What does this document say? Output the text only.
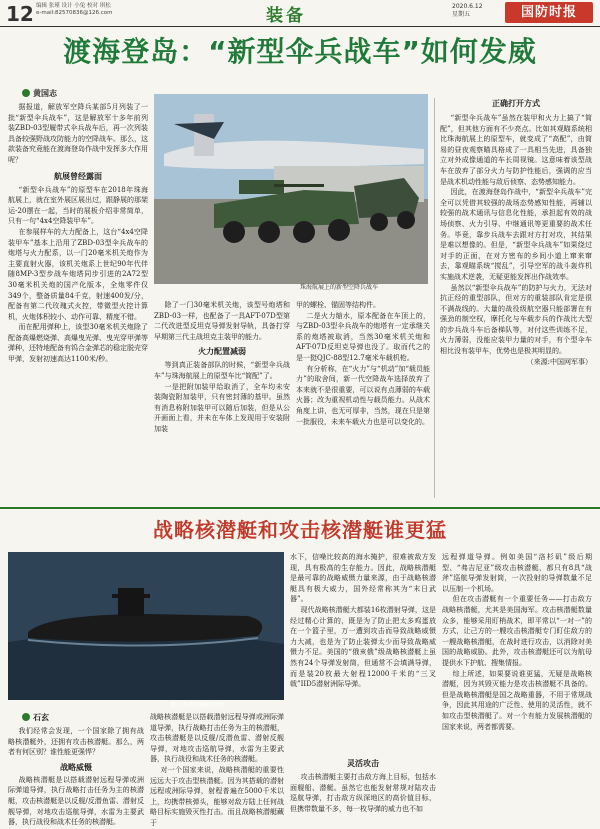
12 编辑 张瑾 设计 小兔 校对 琪松
e-mail:82570836@126.com	装备	2020.6.12
星期五	国防时报
渡海登岛：“新型伞兵战车”如何发威
黄国志

据报道，解放军空降兵某部5月列装了一批“新型伞兵战车”，这是解放军十多年前列装ZBD-03型履带式伞兵战车后，再一次列装具备较强野战攻防能力的空降战车。那么，这款装备究竟能在渡海登岛作战中发挥多大作用呢？

航展曾经露面

“新型伞兵战车”的原型车在2018年珠海航展上，就在室外展区展出过，跟静展的那架运-20摆在一起，当时的展板介绍非常简单，只有一句“4x4空降装甲车”。

在参展样车的大力配备上，这台“4x4空降装甲车”基本上沿用了ZBD-03型伞兵战车的炮塔与火力配系，以一门20毫米机关炮作为主要直射火器，该机关炮系上世纪90年代伴随8MP-3型步战车炮塔同步引进的2A72型30毫米机关炮的国产化版本，全炮零件仅349个，整备质量84千克，射速400发/分，配备有第二代玫瑰式火控，带微型火控计算机，火炮体积较小、动作可靠、精度不错。

而在配用弹种上，该型30毫米机关炮除了配备高爆燃烧弹、高爆曳光弹、曳光穿甲弹等弹种，还特地配备有钨合金弹芯的稳定脱壳穿甲弹，发射初速高达1100米/秒。

珠海航展上的新型空降兵战车

除了一门30毫米机关炮，该型号炮塔和ZBD-03一样，也配备了一具AFT-07D型第二代改进型反坦克导弹发射导轨，具备打穿早期第三代主战坦克主装甲的能力。

火力配置减弱

等到真正装备部队的时候，“新型伞兵战车”与珠海航展上的原型车比“简配”了。

一是把附加装甲给取消了，全车均未安装陶瓷附加装甲，只有密封薄的基甲。虽然有消息称附加装甲可以随后加装，但是从公开画面上看，并未在车体上发现用于安装附加装

甲的螺栓、锚固等结构件。

二是火力缩水，原本配备在车顶上的，与ZBD-03型伞兵战车的炮塔有一定承继关系的炮塔被取消，当然30毫米机关炮和AFT-07D反坦克导弹也没了。取而代之的是一挺QJC-88型12.7毫米车载机枪。

有分析称，在“火力”与“机动”加“载员能力”的取舍间，新一代空降战车选择放弃了本来就不是很重要，可以说有点薄弱的车载火器；改为重视机动性与载员能力。从战术角度上讲，也无可厚非，当然，现在只是第一批服役，未来车载火力也是可以变化的。

正确打开方式

“新型伞兵战车”虽然在装甲和火力上搞了“简配”，但其他方面有不少亮点。比如其观瞄系统相比珠海航展上的原型车，就变成了“高配”，由简易的昼夜观察瞄具格成了一具相当先进，具备独立对外成像通道的车长周视镜。这意味着该型战车在放弃了部分火力与防护性能后，强调的应当是战术机动性能与敌后侦察、态势感知能力。

因此，在渡海登岛作战中，“新型伞兵战车”完全可以凭借其较强的战场态势感知性能，再辅以较强的战术通讯与信息化性能，承担起有效的战场侦察、火力引导、中继通讯等更重要的战术任务。毕竟，靠步兵战车去跟对方打对攻，其结果是难以想像的。但是，“新型伞兵战车”如果绕过对手的正面，在对方密布的乡间小道上窜来窜去，靠观瞄系统“搅乱”，引导空军的战斗轰炸机实施战术逆袭，无疑更能发挥出作战效率。

虽然以“新型伞兵战车”的防护与火力，无法对抗正经的重型部队，但对方的重装部队肯定是很不满战线的。大量的战役级航空器只能部署在有强劲的制空权，摩托化与车载步兵的作战比大型的步兵战斗车后备梯队等，对付这些训练不足，火力薄弱，没能应装甲力量的对手，有个型伞车相比没有装甲车，优势也是极其明显的。

（来源:中国网军事）

战略核潜艇和攻击核潜艇谁更猛
俄罗斯的战略核潜艇
石玄

我们经常会发现，一个国家除了拥有战略核潜艇外，还拥有攻击核潜艇。那么，两者有何区别？谁性能更强悍？

战略威慑

战略核潜艇是以搭载潜射远程导弹或洲际弹道导弹，执行战略打击任务为主的核潜艇，攻击核潜艇是以反舰/反潜鱼雷、潜射反舰导弹，对地攻击巡航导弹，水雷为主要武器，执行战役和战术任务的核潜艇。

战略核潜艇是以搭载潜射远程导弹或洲际弹道导弹，执行战略打击任务为主的核潜艇，攻击核潜艇是以反舰/反潜鱼雷、潜射反舰导弹，对地攻击巡航导弹，水雷为主要武器，执行战役和战术任务的核潜艇。

对一个国家来说，战略核潜艇的重要性远远大于攻击型核潜艇。因为其搭载的潜射远程或洲际导弹，射程普遍在5000千米以上，均携带核弹头，能够对敌方陆上任何战略目标实施毁灭性打击。而且战略核潜艇藏于

水下，信噪比较高的海水掩护，很难被敌方发现，具有极高的生存能力。因此，战略核潜艇是最可靠的战略威慑力量来源，由于战略核潜艇具有极大威力，国外经常称其为“末日武器”。

现代战略核潜艇大都装16枚潜射导弹，这是经过精心计算的，既是为了防止把太多鸡蛋放在一个篮子里，万一遭到攻击而导致战略威慑力大减，也是为了防止装弹太少而导致战略威慑力不足。美国的“俄亥俄”级战略核潜艇上虽然有24个导弹发射筒，但通常不会填满导弹，而是装20枚最大射程12000千米的“三叉戟”IID5潜射洲际导弹。

灵活攻击

攻击核潜艇主要打击敌方海上目标，包括水面舰船、潜艇。虽然它也能发射常规对陆攻击巡航导弹，打击敌方纵深地区的高价值目标，但携带数量不多，每一枚导弹的威力也不如

远程弹道导弹。例如美国“洛杉矶”级后期型、“弗吉尼亚”级攻击核潜艇，都只有8具“战斧”巡航导弹发射筒，一次投射的导弹数量不足以压制一个机场。

但在攻击潜艇有一个重要任务——打击敌方战略核潜艇，尤其是美国海军。攻击核潜艇数量众多，能够采用盯梢战术，即平常以“一对一”的方式，让己方的一艘攻击核潜艇专门盯住敌方的一艘战略核潜艇，在战时进行攻击，以消除对美国的战略威胁。此外，攻击核潜艇还可以为航母提供水下护航、搜集情报。

综上所述，如果要说谁更猛，无疑是战略核潜艇，因为其毁灭能力是攻击核潜艇不具备的。但是战略核潜艇是国之战略重器，不用于常规战争，因此其用途的广泛性、使用的灵活性，就不如攻击型核潜艇了。对一个有能力发展核潜艇的国家来说，两者都需要。
